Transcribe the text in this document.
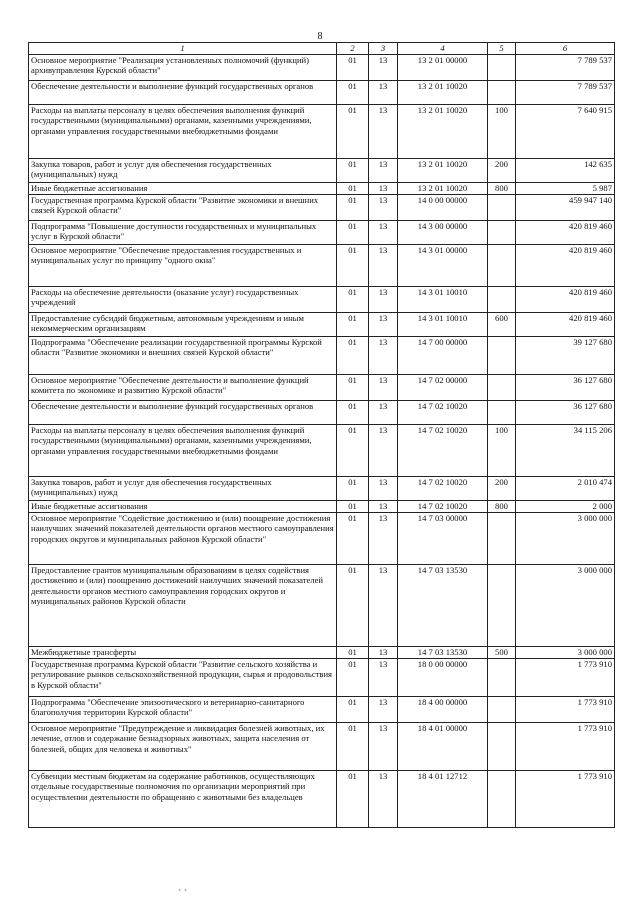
8
1	2	3	4	5	6
Основное мероприятие "Реализация установленных полномочий (функций) архивуправления Курской области"	01	13	13 2 01 00000		7 789 537
Обеспечение деятельности и выполнение функций государственных органов	01	13	13 2 01 10020		7 789 537
Расходы на выплаты персоналу в целях обеспечения выполнения функций государственными (муниципальными) органами, казенными учреждениями, органами управления государственными внебюджетными фондами	01	13	13 2 01 10020	100	7 640 915
Закупка товаров, работ и услуг для обеспечения государственных (муниципальных) нужд	01	13	13 2 01 10020	200	142 635
Иные бюджетные ассигнования	01	13	13 2 01 10020	800	5 987
Государственная программа Курской области "Развитие экономики и внешних связей Курской области"	01	13	14 0 00 00000		459 947 140
Подпрограмма "Повышение доступности государственных и муниципальных услуг в Курской области"	01	13	14 3 00 00000		420 819 460
Основное мероприятие "Обеспечение предоставления государственных и муниципальных услуг по принципу "одного окна"	01	13	14 3 01 00000		420 819 460
Расходы на обеспечение деятельности (оказание услуг) государственных учреждений	01	13	14 3 01 10010		420 819 460
Предоставление субсидий бюджетным, автономным учреждениям и иным некоммерческим организациям	01	13	14 3 01 10010	600	420 819 460
Подпрограмма "Обеспечение реализации государственной программы Курской области "Развитие экономики и внешних связей Курской области"	01	13	14 7 00 00000		39 127 680
Основное мероприятие "Обеспечение деятельности и выполнение функций комитета по экономике и развитию Курской области"	01	13	14 7 02 00000		36 127 680
Обеспечение деятельности и выполнение функций государственных органов	01	13	14 7 02 10020		36 127 680
Расходы на выплаты персоналу в целях обеспечения выполнения функций государственными (муниципальными) органами, казенными учреждениями, органами управления государственными внебюджетными фондами	01	13	14 7 02 10020	100	34 115 206
Закупка товаров, работ и услуг для обеспечения государственных (муниципальных) нужд	01	13	14 7 02 10020	200	2 010 474
Иные бюджетные ассигнования	01	13	14 7 02 10020	800	2 000
Основное мероприятие "Содействие достижению и (или) поощрение достижения наилучших значений показателей деятельности органов местного самоуправления городских округов и муниципальных районов Курской области"	01	13	14 7 03 00000		3 000 000
Предоставление грантов муниципальным образованиям в целях содействия достижению и (или) поощрению достижений наилучших значений показателей деятельности органов местного самоуправления городских округов и муниципальных районов Курской области	01	13	14 7 03 13530		3 000 000
Межбюджетные трансферты	01	13	14 7 03 13530	500	3 000 000
Государственная программа Курской области "Развитие сельского хозяйства и регулирование рынков сельскохозяйственной продукции, сырья и продовольствия в Курской области"	01	13	18 0 00 00000		1 773 910
Подпрограмма "Обеспечение эпизоотического и ветеринарно-санитарного благополучия территории Курской области"	01	13	18 4 00 00000		1 773 910
Основное мероприятие "Предупреждение и ликвидация болезней животных, их лечение, отлов и содержание безнадзорных животных, защита населения от болезней, общих для человека и животных"	01	13	18 4 01 00000		1 773 910
Субвенции местным бюджетам на содержание работников, осуществляющих отдельные государственные полномочия по организации мероприятий при осуществлении деятельности по обращению с животными без владельцев	01	13	18 4 01 12712		1 773 910
˴ ˴
